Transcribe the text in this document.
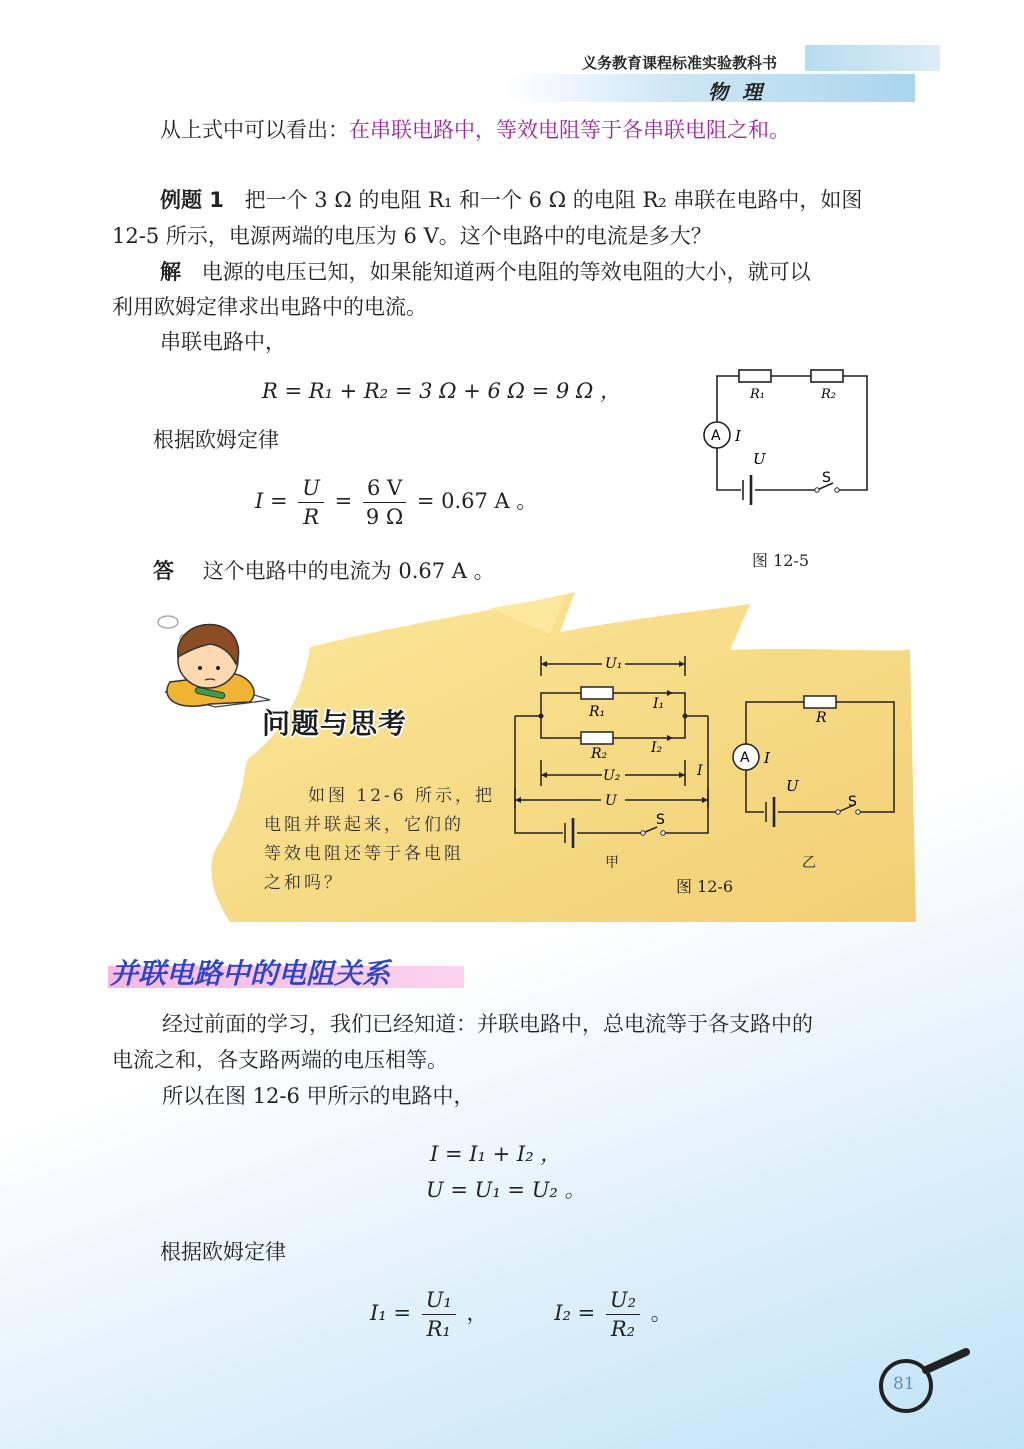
义务教育课程标准实验教科书
物理
从上式中可以看出：在串联电路中，等效电阻等于各串联电阻之和。
例题 1 把一个 3 Ω 的电阻 R₁ 和一个 6 Ω 的电阻 R₂ 串联在电路中，如图
12-5 所示，电源两端的电压为 6 V。这个电路中的电流是多大？
解 电源的电压已知，如果能知道两个电阻的等效电阻的大小，就可以
利用欧姆定律求出电路中的电流。
串联电路中，
R = R₁ + R₂ = 3 Ω + 6 Ω = 9 Ω ，
根据欧姆定律
$I = \frac{U}{R} = \frac{6 V}{9 \Omega} = 0.67$ A 。
答 这个电路中的电流为 0.67 A 。
R₁	R₂
A I
U
S
图 12-5
问题与思考
如图 12-6 所示，把
电阻并联起来，它们的
等效电阻还等于各电阻
之和吗？
U₁
R₁	I₁
R₂	I₂
U₂	I
U
S
R
A I
U
S
甲	乙
图 12-6
并联电路中的电阻关系
经过前面的学习，我们已经知道：并联电路中，总电流等于各支路中的
电流之和，各支路两端的电压相等。
所以在图 12-6 甲所示的电路中，
I = I₁ + I₂ ，
U = U₁ = U₂ 。
根据欧姆定律
$I_1 = \frac{\text{U₁}}{\text{R₁}}$ ，	$I_2 = \frac{\text{U₂}}{\text{R₂}}$ 。
81
